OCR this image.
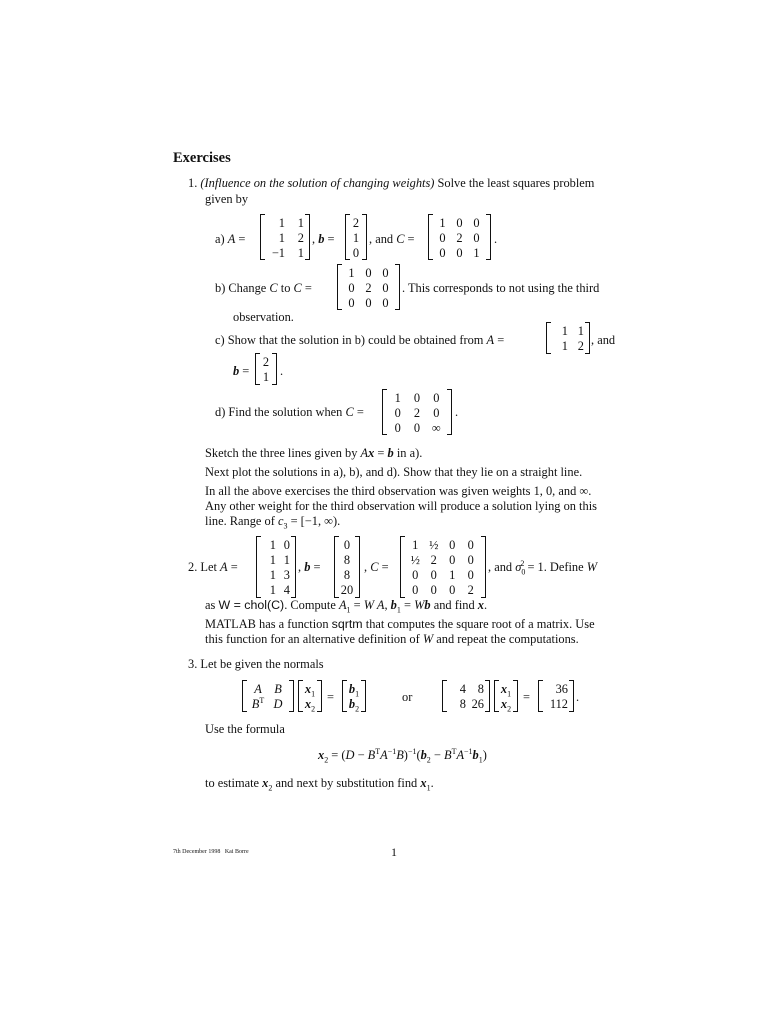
Exercises
1. (Influence on the solution of changing weights) Solve the least squares problem
given by
a) A =
1	1
1	2
−1	1
, b =
2
1
0
, and C =
1 0 0
0 2 0
0 0 1
.
b) Change C to C =
1 0 0
0 2 0
0 0 0
. This corresponds to not using the third
observation.
c) Show that the solution in b) could be obtained from A =
1 1
1 2 , and
b =
2
1 .
d) Find the solution when C =
1	0	0
0	2	0
0	0 ∞
.
Sketch the three lines given by Ax = b in a).
Next plot the solutions in a), b), and d). Show that they lie on a straight line.
In all the above exercises the third observation was given weights 1, 0, and ∞.
Any other weight for the third observation will produce a solution lying on this
line. Range of $c_3 = [-1$, ∞).
2. Let A =
1 0
1 1
1 3
1 4
, b =
0
8
8
20
, C =
1 ½ 0 0
½ 2 0 0
0 0 1 0
0 0 0 2
, and $\sigma_0^2 = 1$. Define W
as W = chol(C). Compute $A_1 = W$ A, $b_1 = Wb$ and find x.
MATLAB has a function sqrtm that computes the square root of a matrix. Use
this function for an alternative definition of W and repeat the computations.
3. Let be given the normals
A	B
$B^T$ D
$x_1$
$x_2$
=
$b_1$
$b_2$
or
4 8
8 26
$x_1$
$x_2$
=
36
112 .
Use the formula
$x_2 = (D - B^TA^{-1}B)^{-1}(b_2 - B^TA^{-1}b_1)$
to estimate $x_2$ and next by substitution find $x_1$.
7th December 1998 Kai Borre	1
